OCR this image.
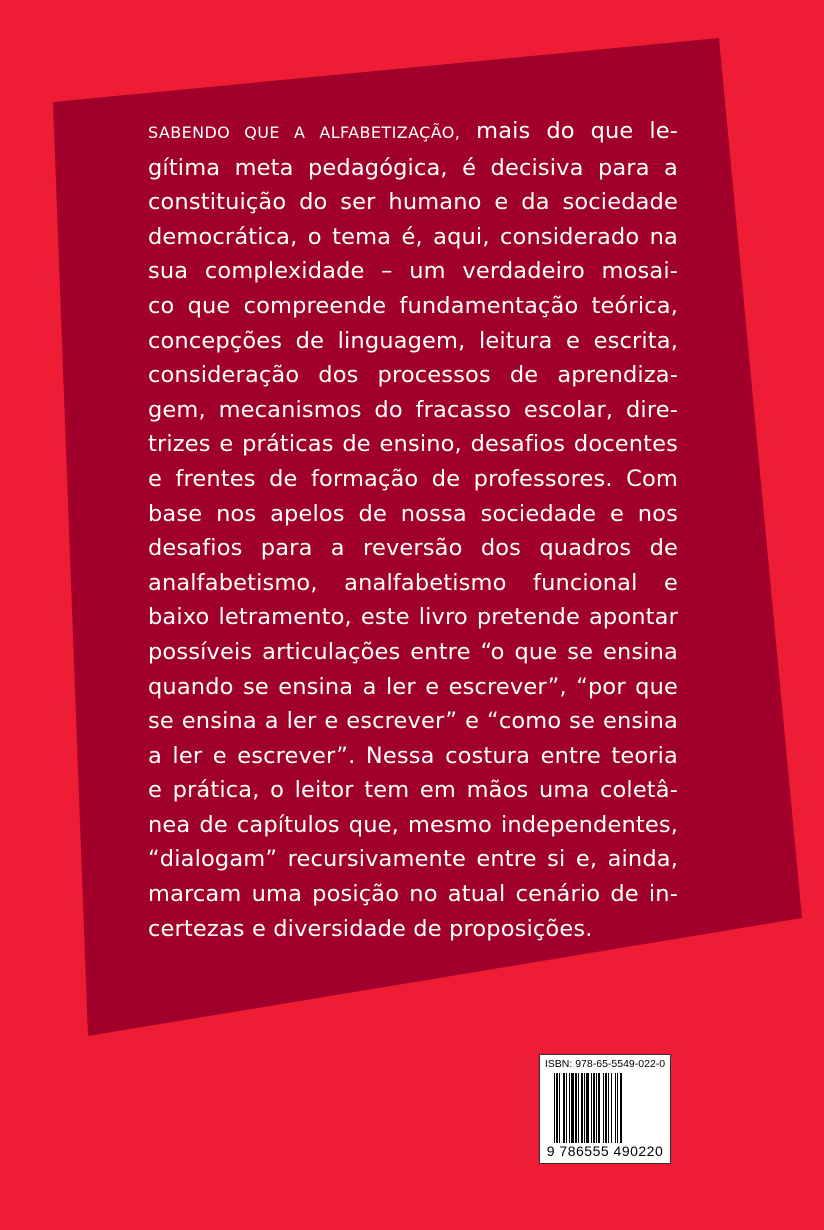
SABENDO QUE A ALFABETIZAÇÃO, mais do que le-
gítima meta pedagógica, é decisiva para a
constituição do ser humano e da sociedade
democrática, o tema é, aqui, considerado na
sua complexidade – um verdadeiro mosai-
co que compreende fundamentação teórica,
concepções de linguagem, leitura e escrita,
consideração dos processos de aprendiza-
gem, mecanismos do fracasso escolar, dire-
trizes e práticas de ensino, desafios docentes
e frentes de formação de professores. Com
base nos apelos de nossa sociedade e nos
desafios para a reversão dos quadros de
analfabetismo, analfabetismo funcional e
baixo letramento, este livro pretende apontar
possíveis articulações entre “o que se ensina
quando se ensina a ler e escrever”, “por que
se ensina a ler e escrever” e “como se ensina
a ler e escrever”. Nessa costura entre teoria
e prática, o leitor tem em mãos uma coletâ-
nea de capítulos que, mesmo independentes,
“dialogam” recursivamente entre si e, ainda,
marcam uma posição no atual cenário de in-
certezas e diversidade de proposições.
ISBN: 978-65-5549-022-0
9 786555 490220
